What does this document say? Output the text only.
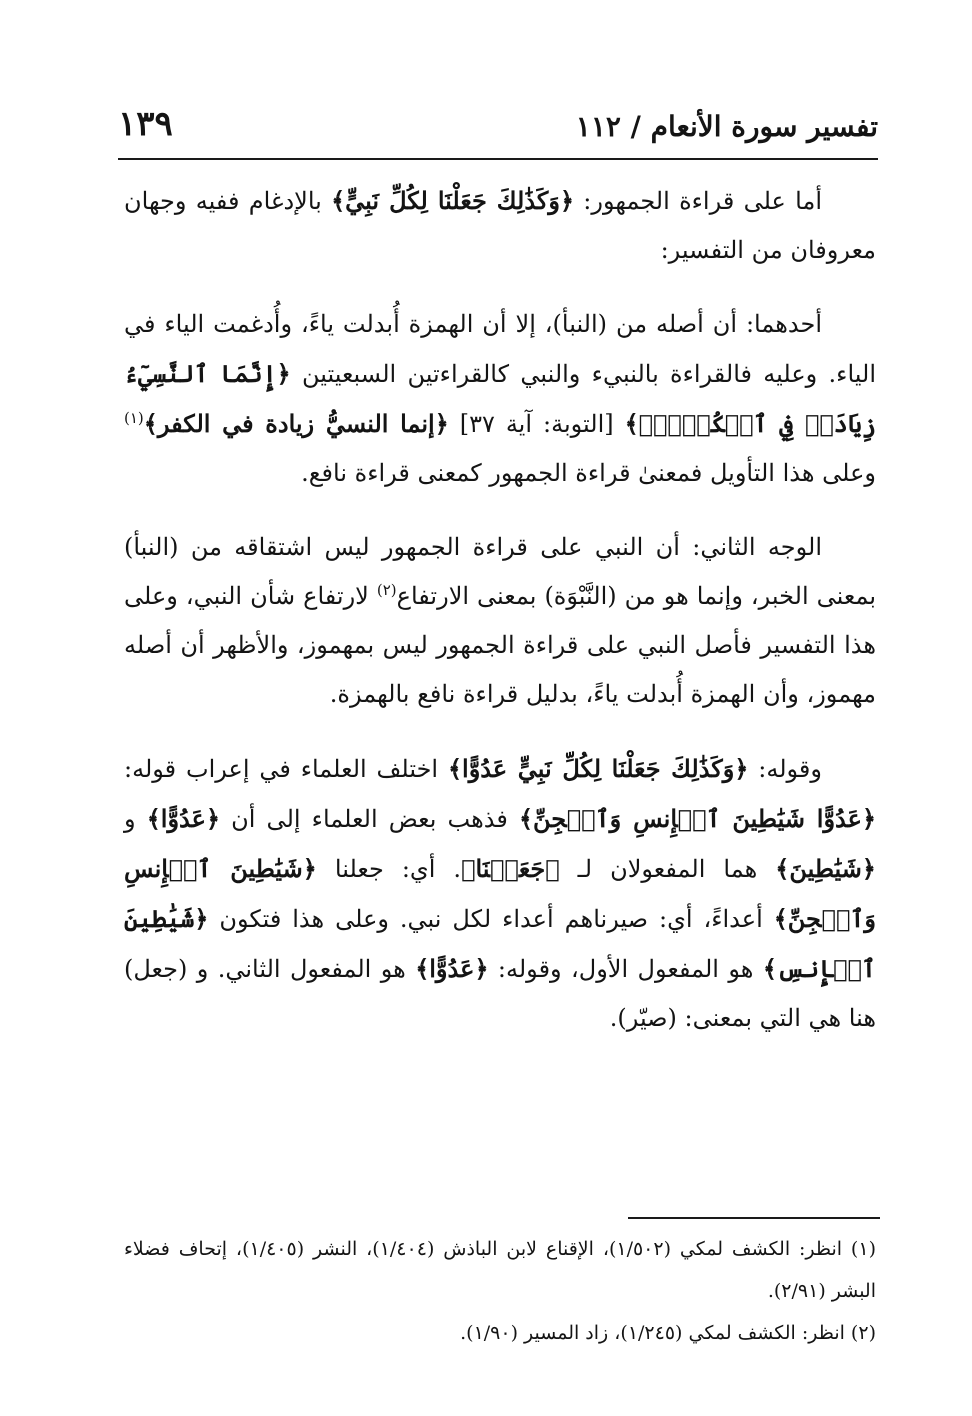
تفسير سورة الأنعام / ١١٢
١٣٩

أما على قراءة الجمهور: ﴿وَكَذَٰلِكَ جَعَلْنَا لِكُلِّ نَبِيٍّ﴾ بالإدغام ففيه وجهان معروفان من التفسير:

أحدهما: أن أصله من (النبأ)، إلا أن الهمزة أُبدلت ياءً، وأُدغمت الياء في الياء. وعليه فالقراءة بالنبيء والنبي كالقراءتين السبعيتين ﴿إِنَّمَا ٱلنَّسِيٓءُ زِيَادَةٞ فِي ٱلۡكُفۡرِۖ﴾ [التوبة: آية ٣٧] ﴿إنما النسيُّ زيادة في الكفر﴾$^{(١)}$ وعلى هذا التأويل فمعنىٰ قراءة الجمهور كمعنى قراءة نافع.

الوجه الثاني: أن النبي على قراءة الجمهور ليس اشتقاقه من (النبأ) بمعنى الخبر، وإنما هو من (النَّبْوَة) بمعنى الارتفاع$^{(٢)}$ لارتفاع شأن النبي، وعلى هذا التفسير فأصل النبي على قراءة الجمهور ليس بمهموز، والأظهر أن أصله مهموز، وأن الهمزة أُبدلت ياءً، بدليل قراءة نافع بالهمزة.

وقوله: ﴿وَكَذَٰلِكَ جَعَلْنَا لِكُلِّ نَبِيٍّ عَدُوًّا﴾ اختلف العلماء في إعراب قوله: ﴿عَدُوًّا شَيَٰطِينَ ٱلۡإِنسِ وَٱلۡجِنِّ﴾ فذهب بعض العلماء إلى أن ﴿عَدُوًّا﴾ و ﴿شَيَٰطِينَ﴾ هما المفعولان لـ ﴿جَعَلۡنَا﴾. أي: جعلنا ﴿شَيَٰطِينَ ٱلۡإِنسِ وَٱلۡجِنِّ﴾ أعداءً، أي: صيرناهم أعداء لكل نبي. وعلى هذا فتكون ﴿شَيَٰطِينَ ٱلۡإِنسِ﴾ هو المفعول الأول، وقوله: ﴿عَدُوًّا﴾ هو المفعول الثاني. و (جعل) هنا هي التي بمعنى: (صيّر).

(١) انظر: الكشف لمكي (١/٥٠٢)، الإقناع لابن الباذش (١/٤٠٤)، النشر (١/٤٠٥)، إتحاف فضلاء البشر (٢/٩١).

(٢) انظر: الكشف لمكي (١/٢٤٥)، زاد المسير (١/٩٠).
